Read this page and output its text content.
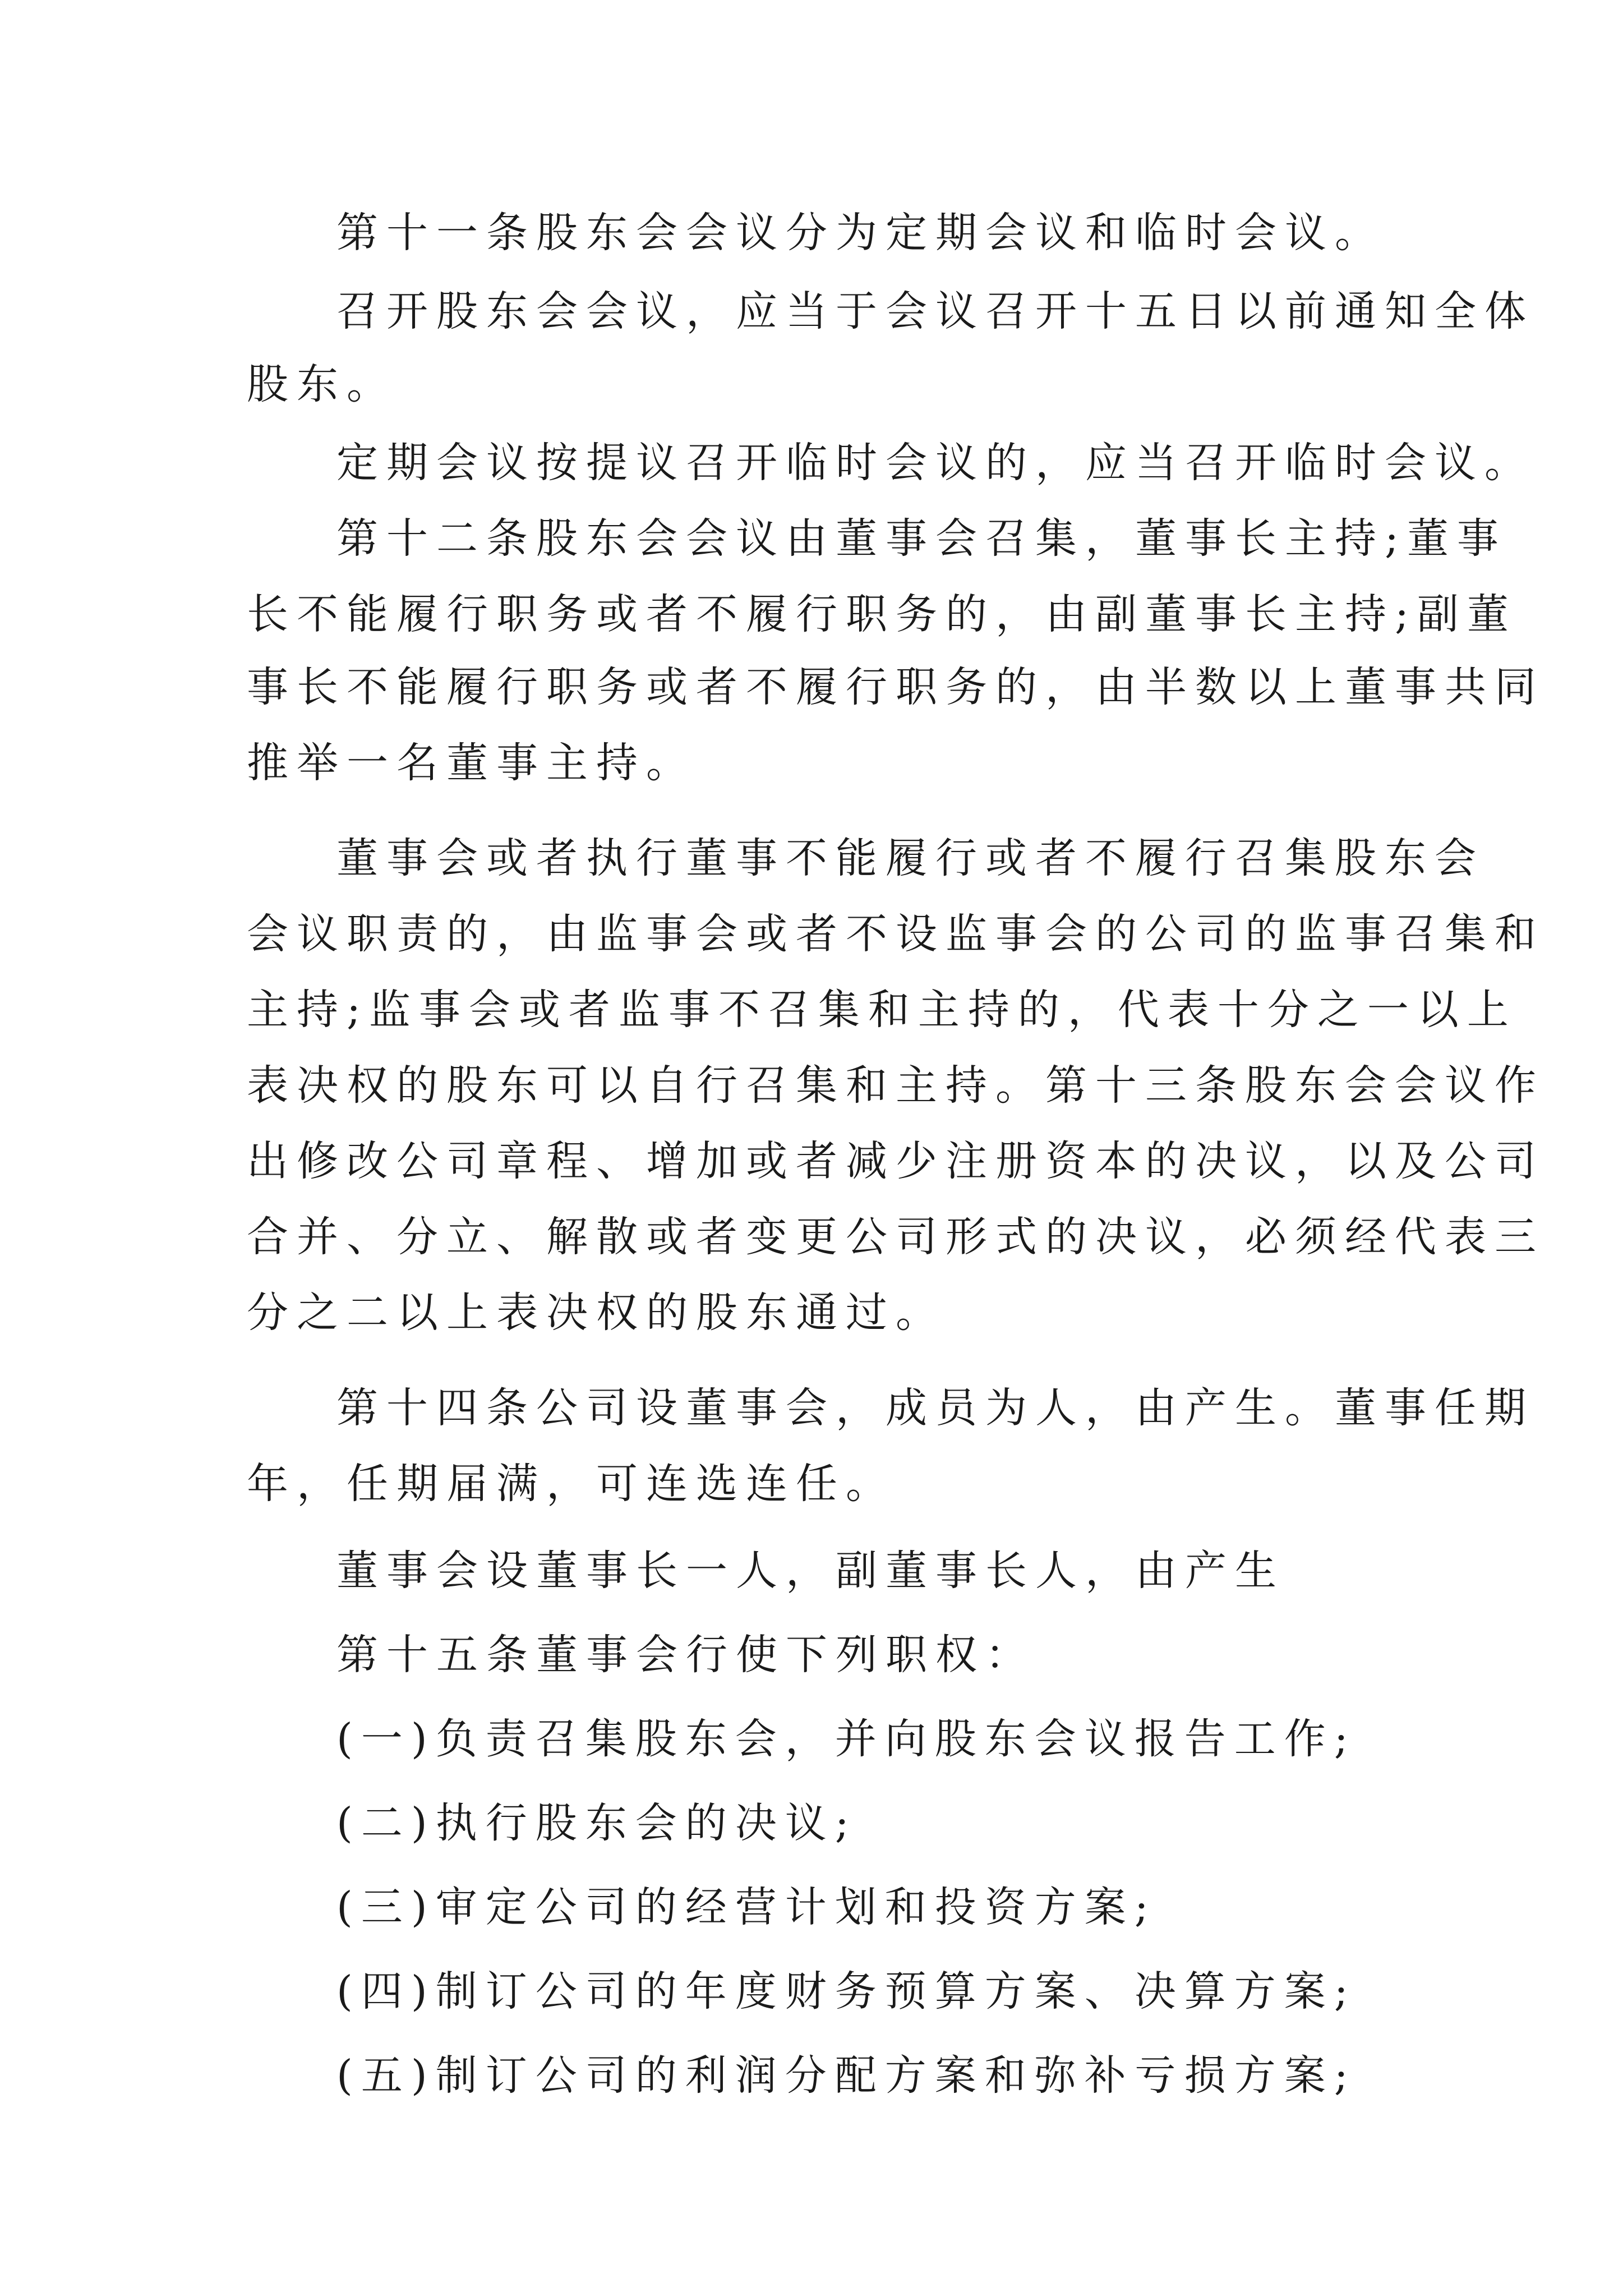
第十一条股东会会议分为定期会议和临时会议。
召开股东会会议，应当于会议召开十五日以前通知全体
股东。
定期会议按提议召开临时会议的，应当召开临时会议。
第十二条股东会会议由董事会召集，董事长主持;董事
长不能履行职务或者不履行职务的，由副董事长主持;副董
事长不能履行职务或者不履行职务的，由半数以上董事共同
推举一名董事主持。
董事会或者执行董事不能履行或者不履行召集股东会
会议职责的，由监事会或者不设监事会的公司的监事召集和
主持;监事会或者监事不召集和主持的，代表十分之一以上
表决权的股东可以自行召集和主持。第十三条股东会会议作
出修改公司章程、增加或者减少注册资本的决议，以及公司
合并、分立、解散或者变更公司形式的决议，必须经代表三
分之二以上表决权的股东通过。
第十四条公司设董事会，成员为人，由产生。董事任期
年，任期届满，可连选连任。
董事会设董事长一人，副董事长人，由产生
第十五条董事会行使下列职权：
(一)负责召集股东会，并向股东会议报告工作;
(二)执行股东会的决议;
(三)审定公司的经营计划和投资方案;
(四)制订公司的年度财务预算方案、决算方案;
(五)制订公司的利润分配方案和弥补亏损方案;
